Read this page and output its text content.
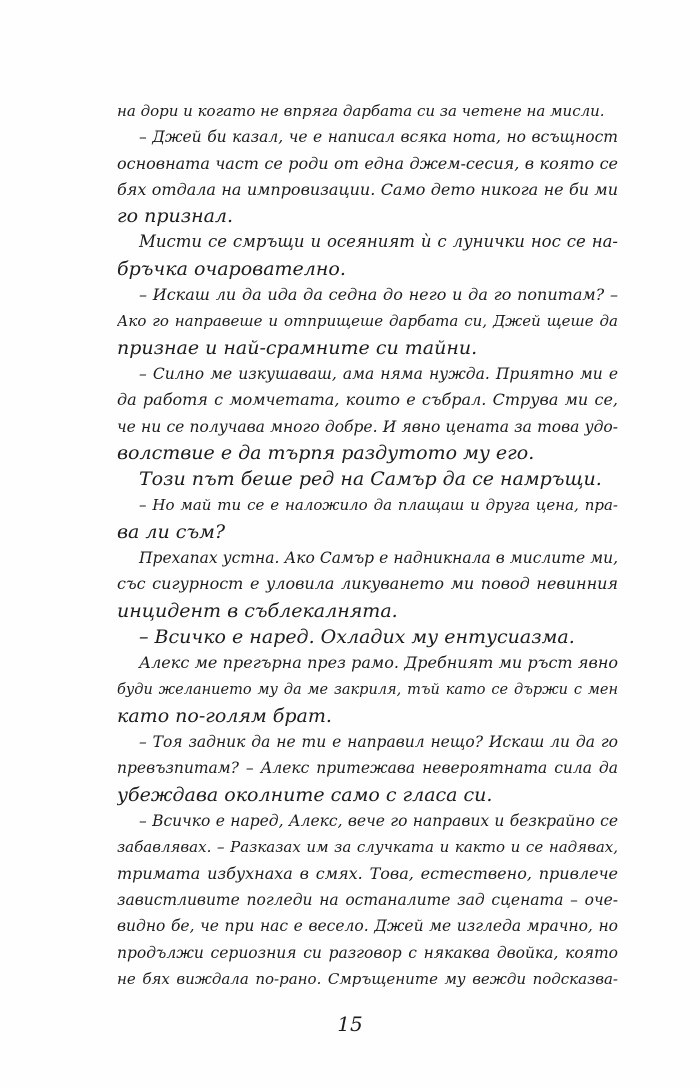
на дори и когато не впрягa дарбата си за четене на мисли.
– Джей би казал, че е написал всяка нота, но всъщност
основната част се роди от една джем-сесия, в която се
бях отдала на импровизации. Само дето никога не би ми
го признал.
Мисти се смръщи и осеяният ѝ с лунички нос се на-
бръчка очарователно.
– Искаш ли да ида да седна до него и да го попитам? –
Ако го направеше и отприщеше дарбата си, Джей щеше да
признае и най-срамните си тайни.
– Силно ме изкушаваш, ама няма нужда. Приятно ми е
да работя с момчетата, които е събрал. Струва ми се,
че ни се получава много добре. И явно цената за това удо-
волствие е да търпя раздутото му его.
Този път беше ред на Самър да се намръщи.
– Но май ти се е наложило да плащаш и друга цена, пра-
ва ли съм?
Прехапах устна. Ако Самър е надникнала в мислите ми,
със сигурност е уловила ликуването ми повод невинния
инцидент в съблекалнята.
– Всичко е наред. Охладих му ентусиазма.
Алекс ме прегърна през рамо. Дребният ми ръст явно
буди желанието му да ме закриля, тъй като се държи с мен
като по-голям брат.
– Тоя задник да не ти е направил нещо? Искаш ли да го
превъзпитам? – Алекс притежава невероятната сила да
убеждава околните само с гласа си.
– Всичко е наред, Алекс, вече го направих и безкрайно се
забавлявах. – Разказах им за случката и както и се надявах,
тримата избухнаха в смях. Това, естествено, привлече
завистливите погледи на останалите зад сцената – оче-
видно бе, че при нас е весело. Джей ме изгледа мрачно, но
продължи сериозния си разговор с някаква двойка, която
не бях виждала по-рано. Смръщените му вежди подсказва-
15
